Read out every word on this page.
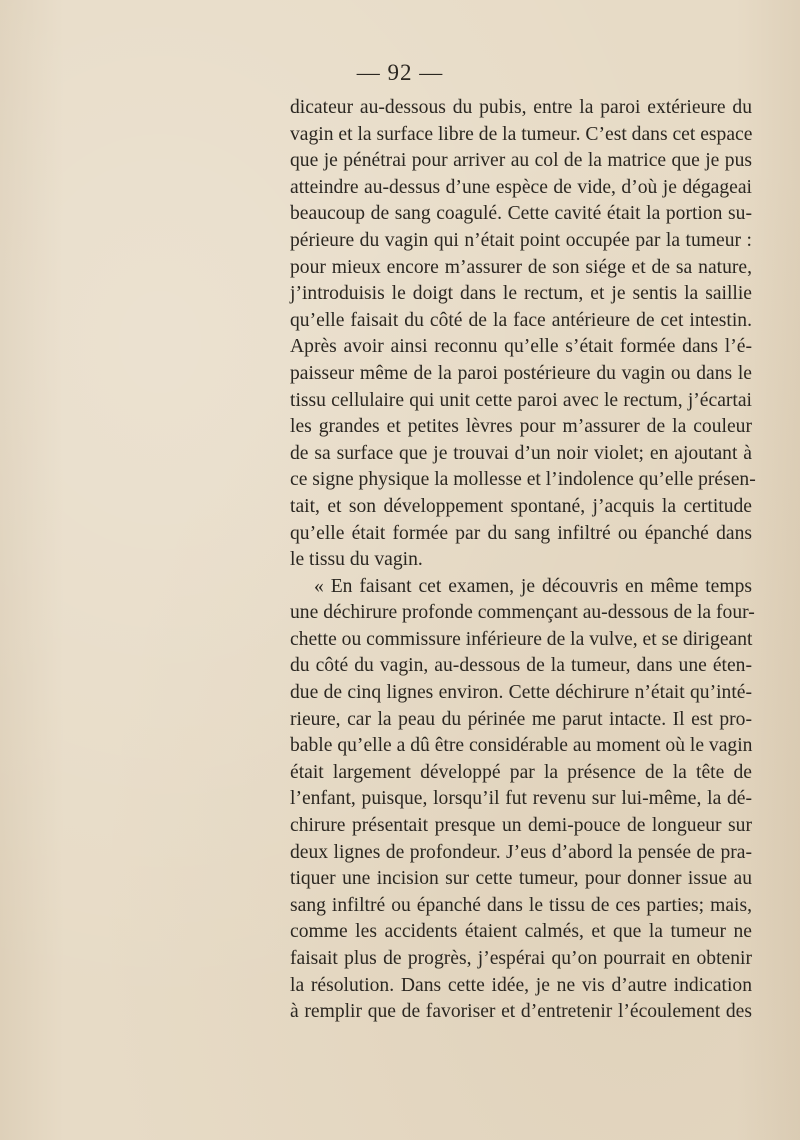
— 92 —
dicateur au-dessous du pubis, entre la paroi extérieure du
vagin et la surface libre de la tumeur. C’est dans cet espace
que je pénétrai pour arriver au col de la matrice que je pus
atteindre au-dessus d’une espèce de vide, d’où je dégageai
beaucoup de sang coagulé. Cette cavité était la portion su-
périeure du vagin qui n’était point occupée par la tumeur :
pour mieux encore m’assurer de son siége et de sa nature,
j’introduisis le doigt dans le rectum, et je sentis la saillie
qu’elle faisait du côté de la face antérieure de cet intestin.
Après avoir ainsi reconnu qu’elle s’était formée dans l’é-
paisseur même de la paroi postérieure du vagin ou dans le
tissu cellulaire qui unit cette paroi avec le rectum, j’écartai
les grandes et petites lèvres pour m’assurer de la couleur
de sa surface que je trouvai d’un noir violet; en ajoutant à
ce signe physique la mollesse et l’indolence qu’elle présen-
tait, et son développement spontané, j’acquis la certitude
qu’elle était formée par du sang infiltré ou épanché dans
le tissu du vagin.
« En faisant cet examen, je découvris en même temps
une déchirure profonde commençant au-dessous de la four-
chette ou commissure inférieure de la vulve, et se dirigeant
du côté du vagin, au-dessous de la tumeur, dans une éten-
due de cinq lignes environ. Cette déchirure n’était qu’inté-
rieure, car la peau du périnée me parut intacte. Il est pro-
bable qu’elle a dû être considérable au moment où le vagin
était largement développé par la présence de la tête de
l’enfant, puisque, lorsqu’il fut revenu sur lui-même, la dé-
chirure présentait presque un demi-pouce de longueur sur
deux lignes de profondeur. J’eus d’abord la pensée de pra-
tiquer une incision sur cette tumeur, pour donner issue au
sang infiltré ou épanché dans le tissu de ces parties; mais,
comme les accidents étaient calmés, et que la tumeur ne
faisait plus de progrès, j’espérai qu’on pourrait en obtenir
la résolution. Dans cette idée, je ne vis d’autre indication
à remplir que de favoriser et d’entretenir l’écoulement des
